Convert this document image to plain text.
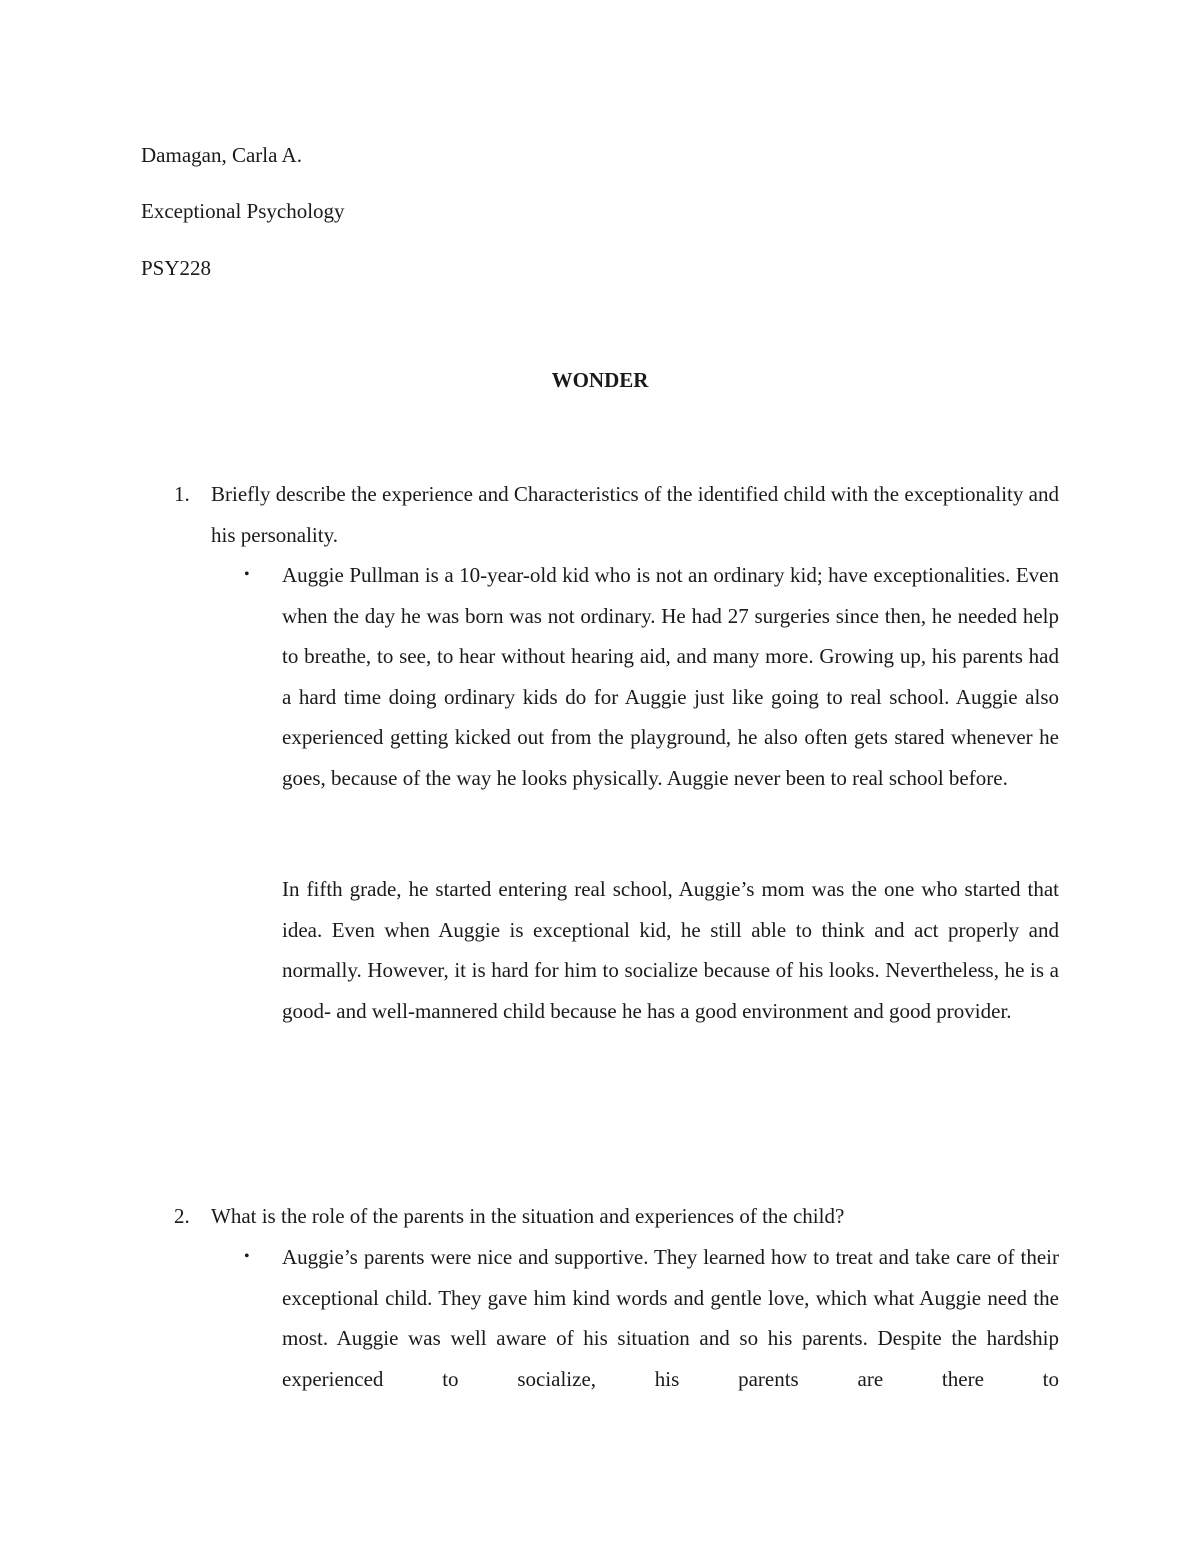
Damagan, Carla A.

Exceptional Psychology

PSY228

WONDER
1. Briefly describe the experience and Characteristics of the identified child with the exceptionality and his personality.

• Auggie Pullman is a 10-year-old kid who is not an ordinary kid; have exceptionalities. Even when the day he was born was not ordinary. He had 27 surgeries since then, he needed help to breathe, to see, to hear without hearing aid, and many more. Growing up, his parents had a hard time doing ordinary kids do for Auggie just like going to real school. Auggie also experienced getting kicked out from the playground, he also often gets stared whenever he goes, because of the way he looks physically. Auggie never been to real school before.

In fifth grade, he started entering real school, Auggie’s mom was the one who started that idea. Even when Auggie is exceptional kid, he still able to think and act properly and normally. However, it is hard for him to socialize because of his looks. Nevertheless, he is a good- and well-mannered child because he has a good environment and good provider.

2. What is the role of the parents in the situation and experiences of the child?

• Auggie’s parents were nice and supportive. They learned how to treat and take care of their exceptional child. They gave him kind words and gentle love, which what Auggie need the most. Auggie was well aware of his situation and so his parents. Despite the hardship experienced to socialize, his parents are there to
